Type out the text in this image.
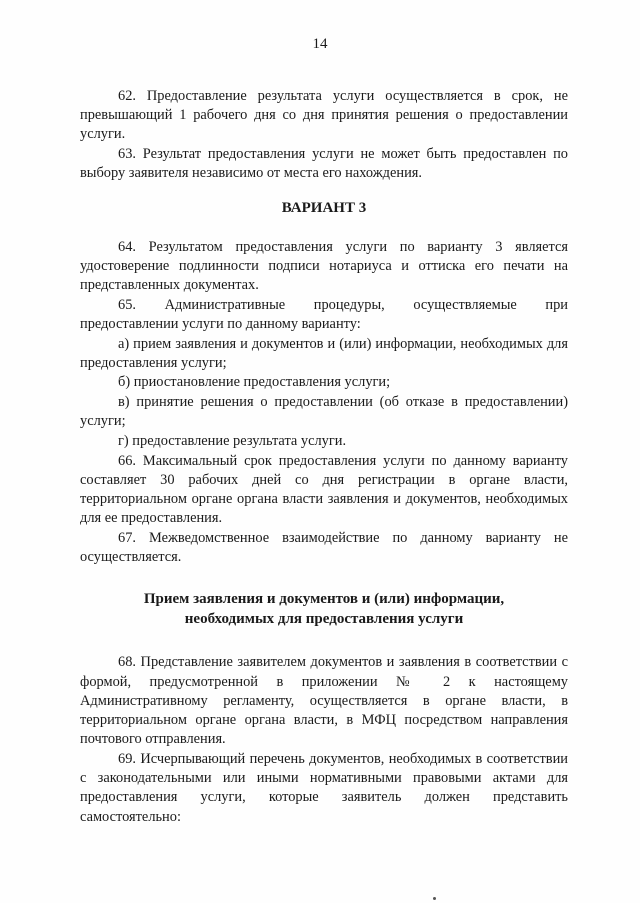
14

62. Предоставление результата услуги осуществляется в срок, не превышающий 1 рабочего дня со дня принятия решения о предоставлении услуги.

63. Результат предоставления услуги не может быть предоставлен по выбору заявителя независимо от места его нахождения.

ВАРИАНТ 3

64. Результатом предоставления услуги по варианту 3 является удостоверение подлинности подписи нотариуса и оттиска его печати на представленных документах.

65. Административные процедуры, осуществляемые при предоставлении услуги по данному варианту:

а) прием заявления и документов и (или) информации, необходимых для предоставления услуги;

б) приостановление предоставления услуги;

в) принятие решения о предоставлении (об отказе в предоставлении) услуги;

г) предоставление результата услуги.

66. Максимальный срок предоставления услуги по данному варианту составляет 30 рабочих дней со дня регистрации в органе власти, территориальном органе органа власти заявления и документов, необходимых для ее предоставления.

67. Межведомственное взаимодействие по данному варианту не осуществляется.

Прием заявления и документов и (или) информации,
необходимых для предоставления услуги

68. Представление заявителем документов и заявления в соответствии с формой, предусмотренной в приложении № 2 к настоящему Административному регламенту, осуществляется в органе власти, в территориальном органе органа власти, в МФЦ посредством направления почтового отправления.

69. Исчерпывающий перечень документов, необходимых в соответствии с законодательными или иными нормативными правовыми актами для предоставления услуги, которые заявитель должен представить самостоятельно:
